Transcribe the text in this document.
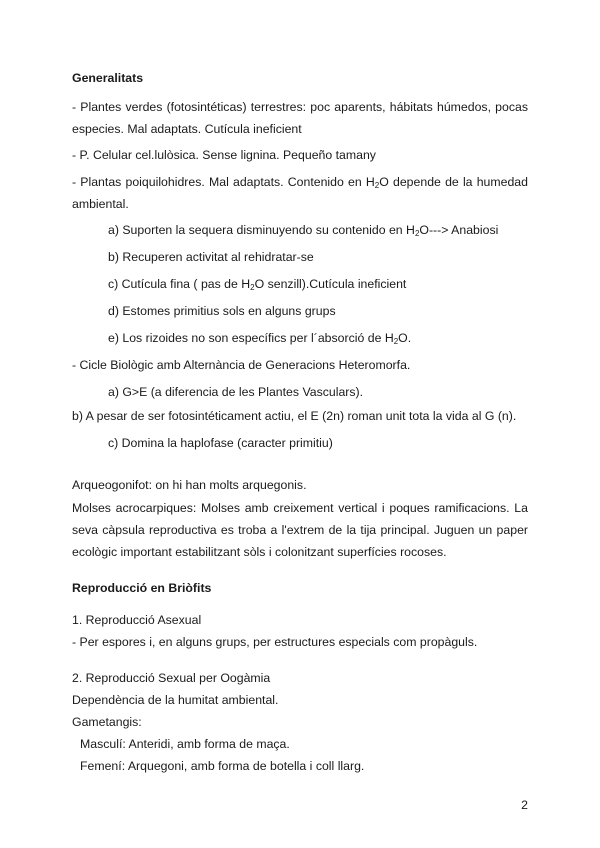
Generalitats

- Plantes verdes (fotosintéticas) terrestres: poc aparents, hábitats húmedos, pocas especies. Mal adaptats. Cutícula ineficient

- P. Celular cel.lulòsica. Sense lignina. Pequeño tamany

- Plantas poiquilohidres. Mal adaptats. Contenido en $H_2O$ depende de la humedad ambiental.

a) Suporten la sequera disminuyendo su contenido en $H_2O--->$ Anabiosi

b) Recuperen activitat al rehidratar-se

c) Cutícula fina ( pas de $H_2O$ senzill).Cutícula ineficient

d) Estomes primitius sols en alguns grups

e) Los rizoides no son específics per l´absorció de $H_2O$.

- Cicle Biològic amb Alternància de Generacions Heteromorfa.

a) G>E (a diferencia de les Plantes Vasculars).

b) A pesar de ser fotosintéticament actiu, el E (2n) roman unit tota la vida al G (n).

c) Domina la haplofase (caracter primitiu)

Arqueogonifot: on hi han molts arquegonis.

Molses acrocarpiques: Molses amb creixement vertical i poques ramificacions. La seva càpsula reproductiva es troba a l'extrem de la tija principal. Juguen un paper ecològic important estabilitzant sòls i colonitzant superfícies rocoses.

Reproducció en Briòfits

1. Reproducció Asexual

- Per espores i, en alguns grups, per estructures especials com propàguls.

2. Reproducció Sexual per Oogàmia

Dependència de la humitat ambiental.

Gametangis:

Masculí: Anteridi, amb forma de maça.

Femení: Arquegoni, amb forma de botella i coll llarg.

2
